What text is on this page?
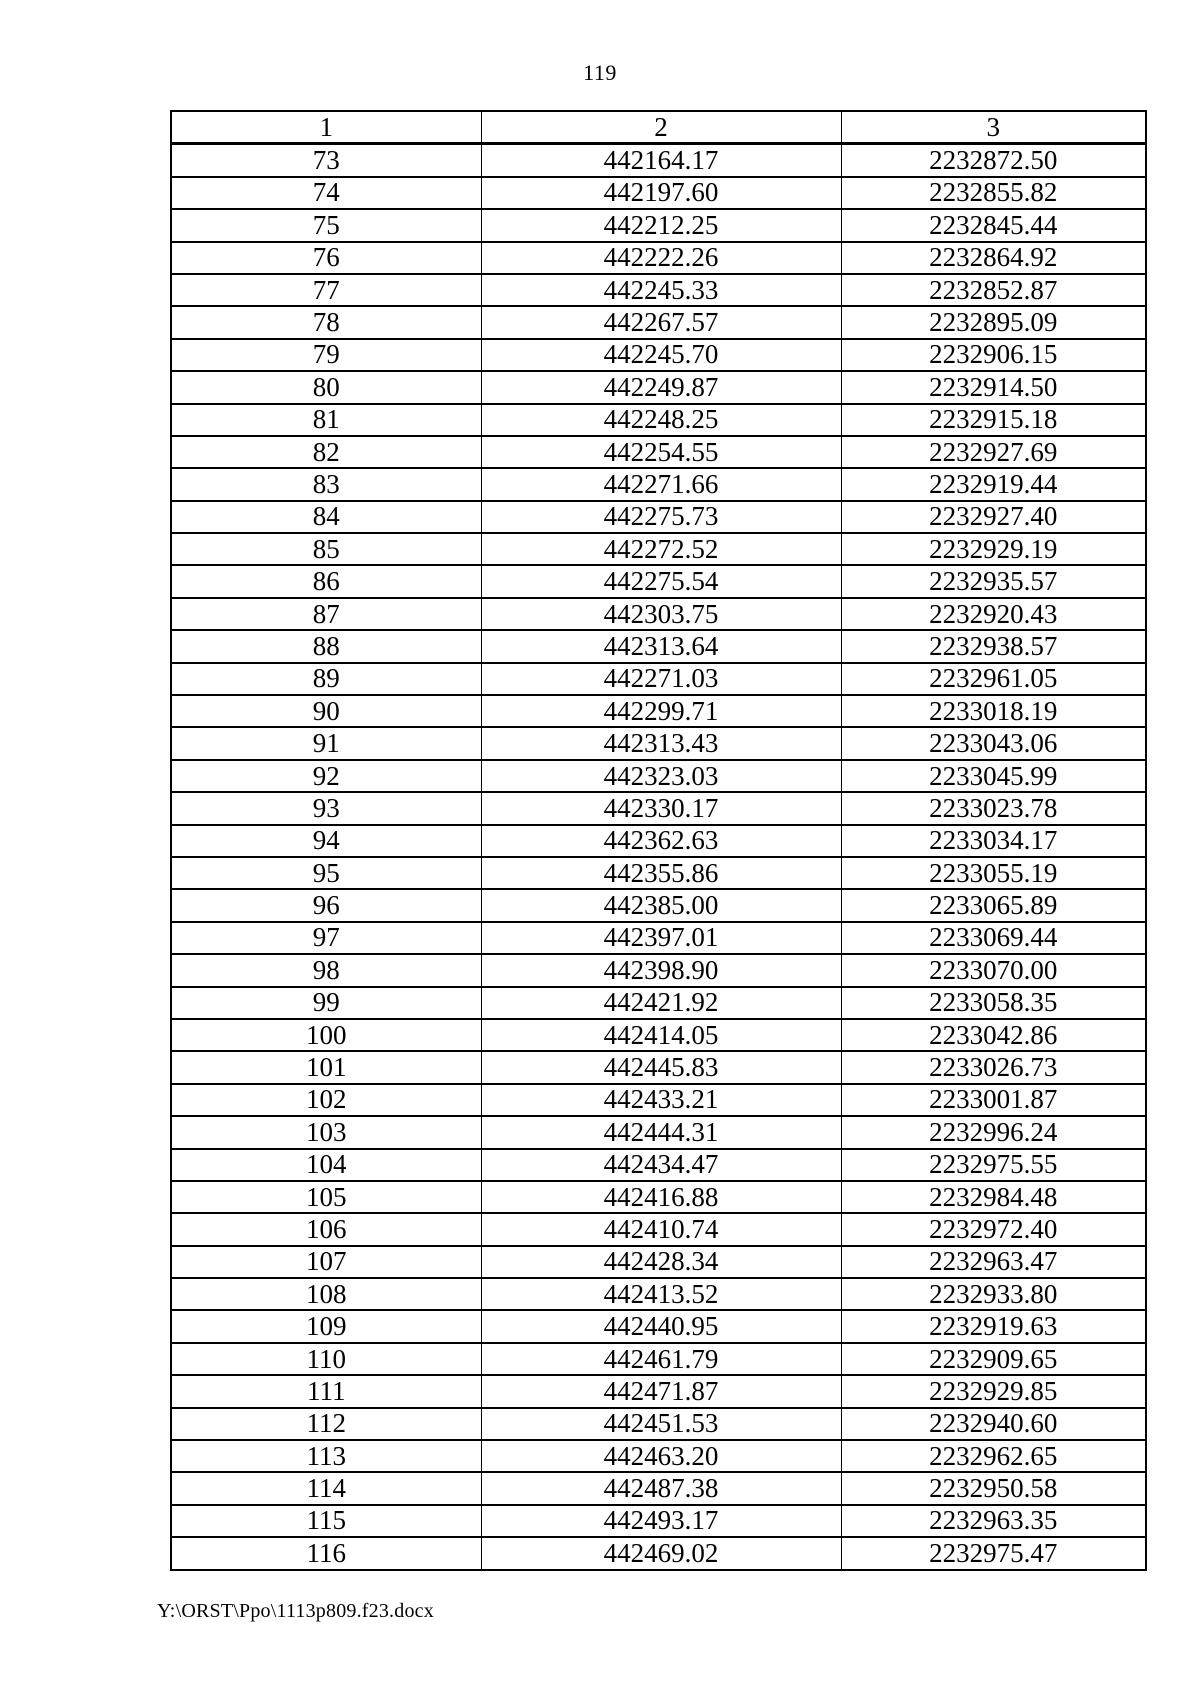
119
1	2	3
73	442164.17	2232872.50
74	442197.60	2232855.82
75	442212.25	2232845.44
76	442222.26	2232864.92
77	442245.33	2232852.87
78	442267.57	2232895.09
79	442245.70	2232906.15
80	442249.87	2232914.50
81	442248.25	2232915.18
82	442254.55	2232927.69
83	442271.66	2232919.44
84	442275.73	2232927.40
85	442272.52	2232929.19
86	442275.54	2232935.57
87	442303.75	2232920.43
88	442313.64	2232938.57
89	442271.03	2232961.05
90	442299.71	2233018.19
91	442313.43	2233043.06
92	442323.03	2233045.99
93	442330.17	2233023.78
94	442362.63	2233034.17
95	442355.86	2233055.19
96	442385.00	2233065.89
97	442397.01	2233069.44
98	442398.90	2233070.00
99	442421.92	2233058.35
100	442414.05	2233042.86
101	442445.83	2233026.73
102	442433.21	2233001.87
103	442444.31	2232996.24
104	442434.47	2232975.55
105	442416.88	2232984.48
106	442410.74	2232972.40
107	442428.34	2232963.47
108	442413.52	2232933.80
109	442440.95	2232919.63
110	442461.79	2232909.65
111	442471.87	2232929.85
112	442451.53	2232940.60
113	442463.20	2232962.65
114	442487.38	2232950.58
115	442493.17	2232963.35
116	442469.02	2232975.47
Y:\ORST\Ppo\1113p809.f23.docx
